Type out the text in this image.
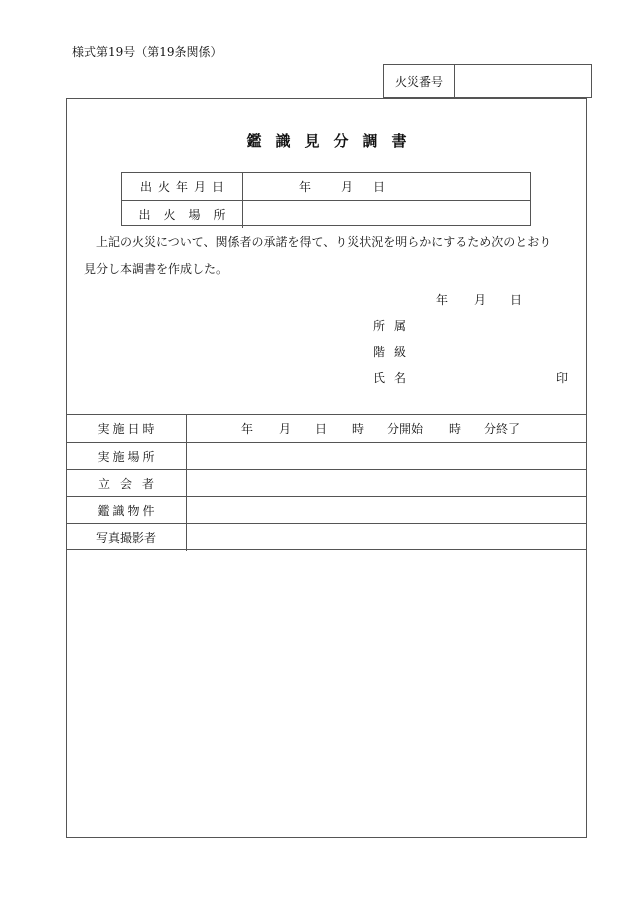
様式第19号（第19条関係）
火災番号
鑑識見分調書
出火年月日	年 月 日
出火場所
上記の火災について、関係者の承諾を得て、り災状況を明らかにするため次のとおり
見分し本調書を作成した。
年 月 日
所属
階級
氏名	印
実施日時	年 月 日 時 分開始 時 分終了
実施場所
立会者
鑑識物件
写真撮影者
